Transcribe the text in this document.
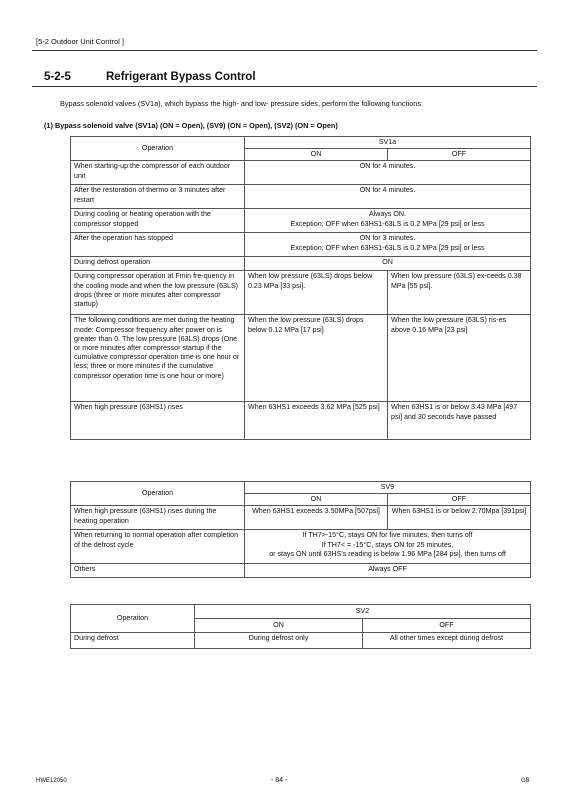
[5-2 Outdoor Unit Control ]
5-2-5	Refrigerant Bypass Control
Bypass solenoid valves (SV1a), which bypass the high- and low- pressure sides, perform the following functions.
(1) Bypass solenoid valve (SV1a) (ON = Open), (SV9) (ON = Open), (SV2) (ON = Open)
Operation	SV1a	
	ON	OFF
When starting-up the compressor of each outdoor unit	ON for 4 minutes.	
After the restoration of thermo or 3 minutes after restart	ON for 4 minutes.	
During cooling or heating operation with the compressor stopped	Always ON.
Exception: OFF when 63HS1-63LS is 0.2 MPa [29 psi] or less	

After the operation has stopped	ON for 3 minutes.
Exception: OFF when 63HS1-63LS is 0.2 MPa [29 psi] or less	

During defrost operation	ON	
During compressor operation at Fmin fre-quency in the cooling mode and when the low pressure (63LS) drops (three or more minutes after compressor startup)	When low pressure (63LS) drops below 0.23 MPa [33 psi].	When low pressure (63LS) ex-ceeds 0.38 MPa [55 psi].
The following conditions are met during the heating mode: Compressor frequency after power on is greater than 0. The low pressure (63LS) drops (One or more minutes after compressor startup if the cumulative compressor operation time is one hour or less; three or more minutes if the cumulative compressor operation time is one hour or more)	When the low pressure (63LS) drops below 0.12 MPa [17 psi]	When the low pressure (63LS) ris-es above 0.16 MPa [23 psi]
When high pressure (63HS1) rises	When 63HS1 exceeds 3.62 MPa [525 psi]	When 63HS1 is or below 3.43 MPa [497 psi] and 30 seconds have passed
Operation	SV9	
	ON	OFF
When high pressure (63HS1) rises during the heating operation	When 63HS1 exceeds 3.50MPa [507psi]	When 63HS1 is or below 2.70Mpa [391psi]
When returning to normal operation after completion of the defrost cycle	If TH7>-15°C, stays ON for five minutes, then turns off
If TH7< = -15°C, stays ON for 25 minutes,
or stays ON until 63HS's reading is below 1.96 MPa [284 psi], then turns off	

Others	Always OFF	
Operation	SV2	
	ON	OFF
During defrost	During defrost only	All other times except during defrost
HWE12050	- 84 -	GB
